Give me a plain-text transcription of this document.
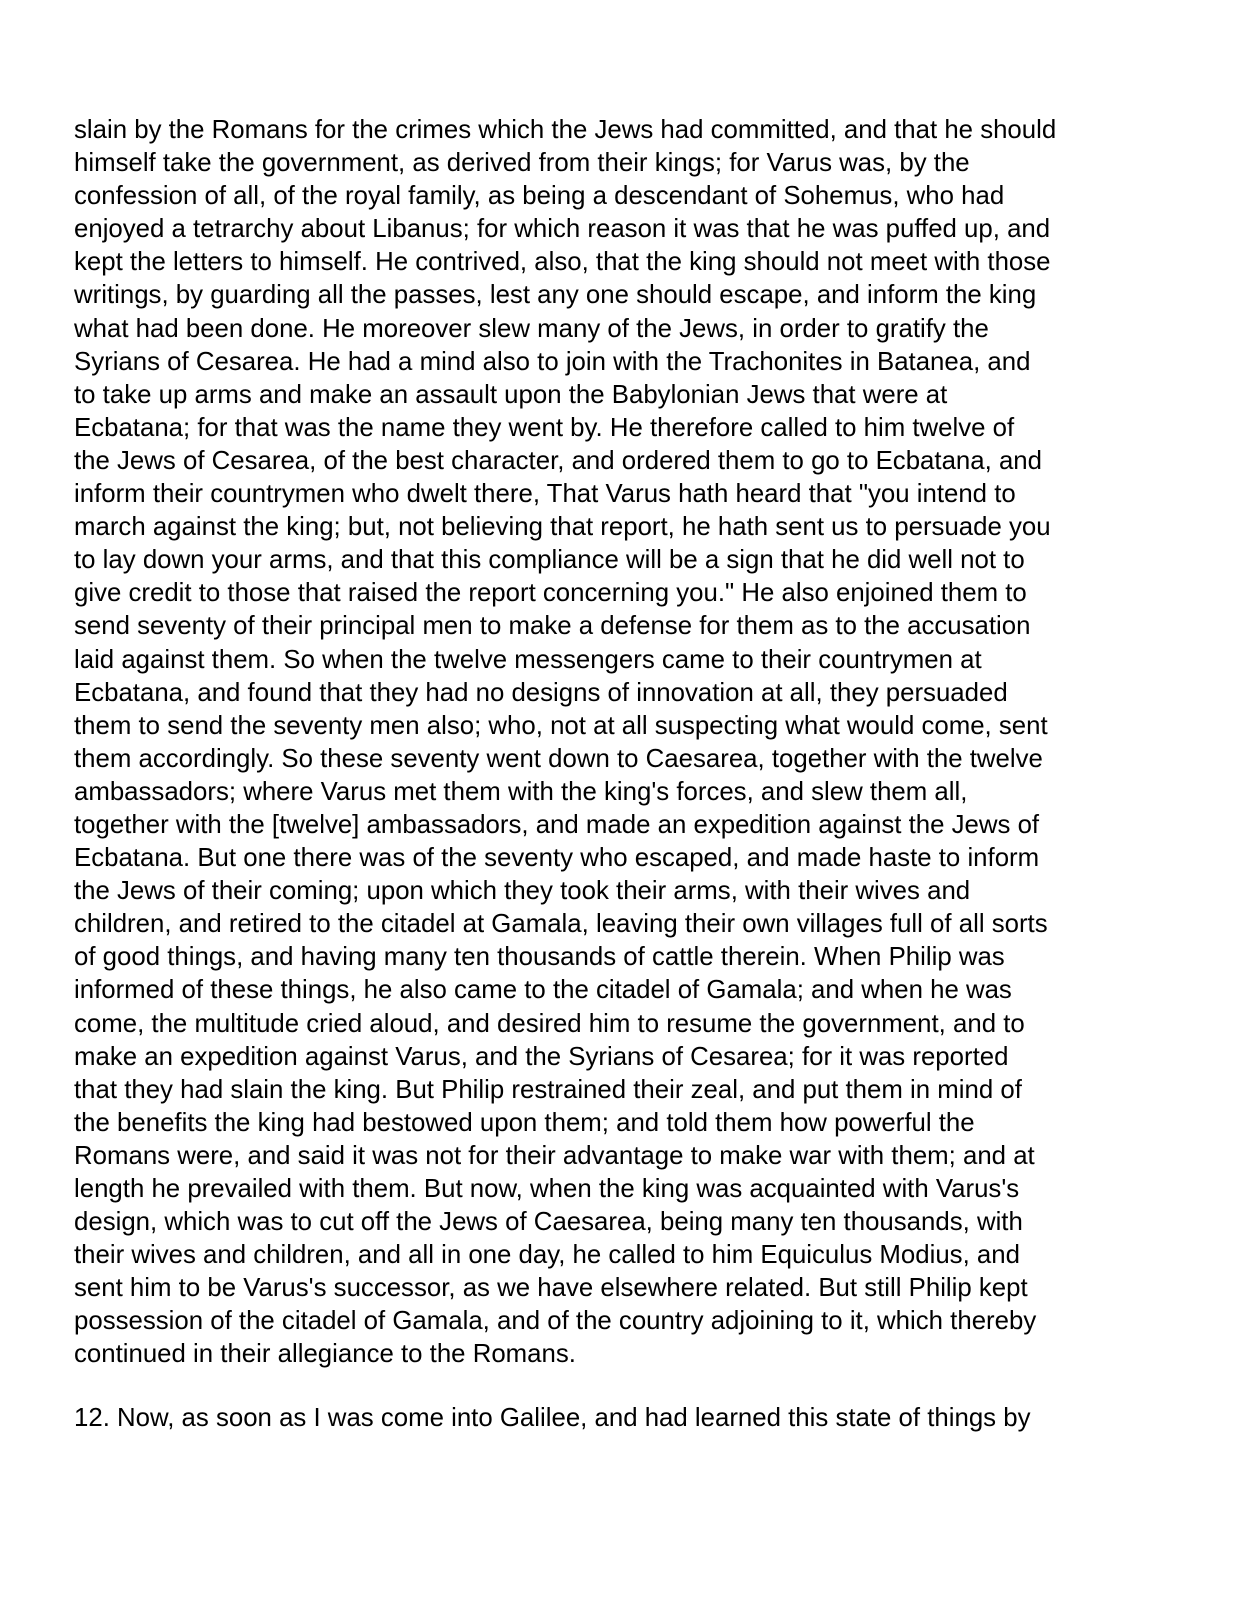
slain by the Romans for the crimes which the Jews had committed, and that he should
himself take the government, as derived from their kings; for Varus was, by the
confession of all, of the royal family, as being a descendant of Sohemus, who had
enjoyed a tetrarchy about Libanus; for which reason it was that he was puffed up, and
kept the letters to himself. He contrived, also, that the king should not meet with those
writings, by guarding all the passes, lest any one should escape, and inform the king
what had been done. He moreover slew many of the Jews, in order to gratify the
Syrians of Cesarea. He had a mind also to join with the Trachonites in Batanea, and
to take up arms and make an assault upon the Babylonian Jews that were at
Ecbatana; for that was the name they went by. He therefore called to him twelve of
the Jews of Cesarea, of the best character, and ordered them to go to Ecbatana, and
inform their countrymen who dwelt there, That Varus hath heard that "you intend to
march against the king; but, not believing that report, he hath sent us to persuade you
to lay down your arms, and that this compliance will be a sign that he did well not to
give credit to those that raised the report concerning you." He also enjoined them to
send seventy of their principal men to make a defense for them as to the accusation
laid against them. So when the twelve messengers came to their countrymen at
Ecbatana, and found that they had no designs of innovation at all, they persuaded
them to send the seventy men also; who, not at all suspecting what would come, sent
them accordingly. So these seventy went down to Caesarea, together with the twelve
ambassadors; where Varus met them with the king's forces, and slew them all,
together with the [twelve] ambassadors, and made an expedition against the Jews of
Ecbatana. But one there was of the seventy who escaped, and made haste to inform
the Jews of their coming; upon which they took their arms, with their wives and
children, and retired to the citadel at Gamala, leaving their own villages full of all sorts
of good things, and having many ten thousands of cattle therein. When Philip was
informed of these things, he also came to the citadel of Gamala; and when he was
come, the multitude cried aloud, and desired him to resume the government, and to
make an expedition against Varus, and the Syrians of Cesarea; for it was reported
that they had slain the king. But Philip restrained their zeal, and put them in mind of
the benefits the king had bestowed upon them; and told them how powerful the
Romans were, and said it was not for their advantage to make war with them; and at
length he prevailed with them. But now, when the king was acquainted with Varus's
design, which was to cut off the Jews of Caesarea, being many ten thousands, with
their wives and children, and all in one day, he called to him Equiculus Modius, and
sent him to be Varus's successor, as we have elsewhere related. But still Philip kept
possession of the citadel of Gamala, and of the country adjoining to it, which thereby
continued in their allegiance to the Romans.
12. Now, as soon as I was come into Galilee, and had learned this state of things by
